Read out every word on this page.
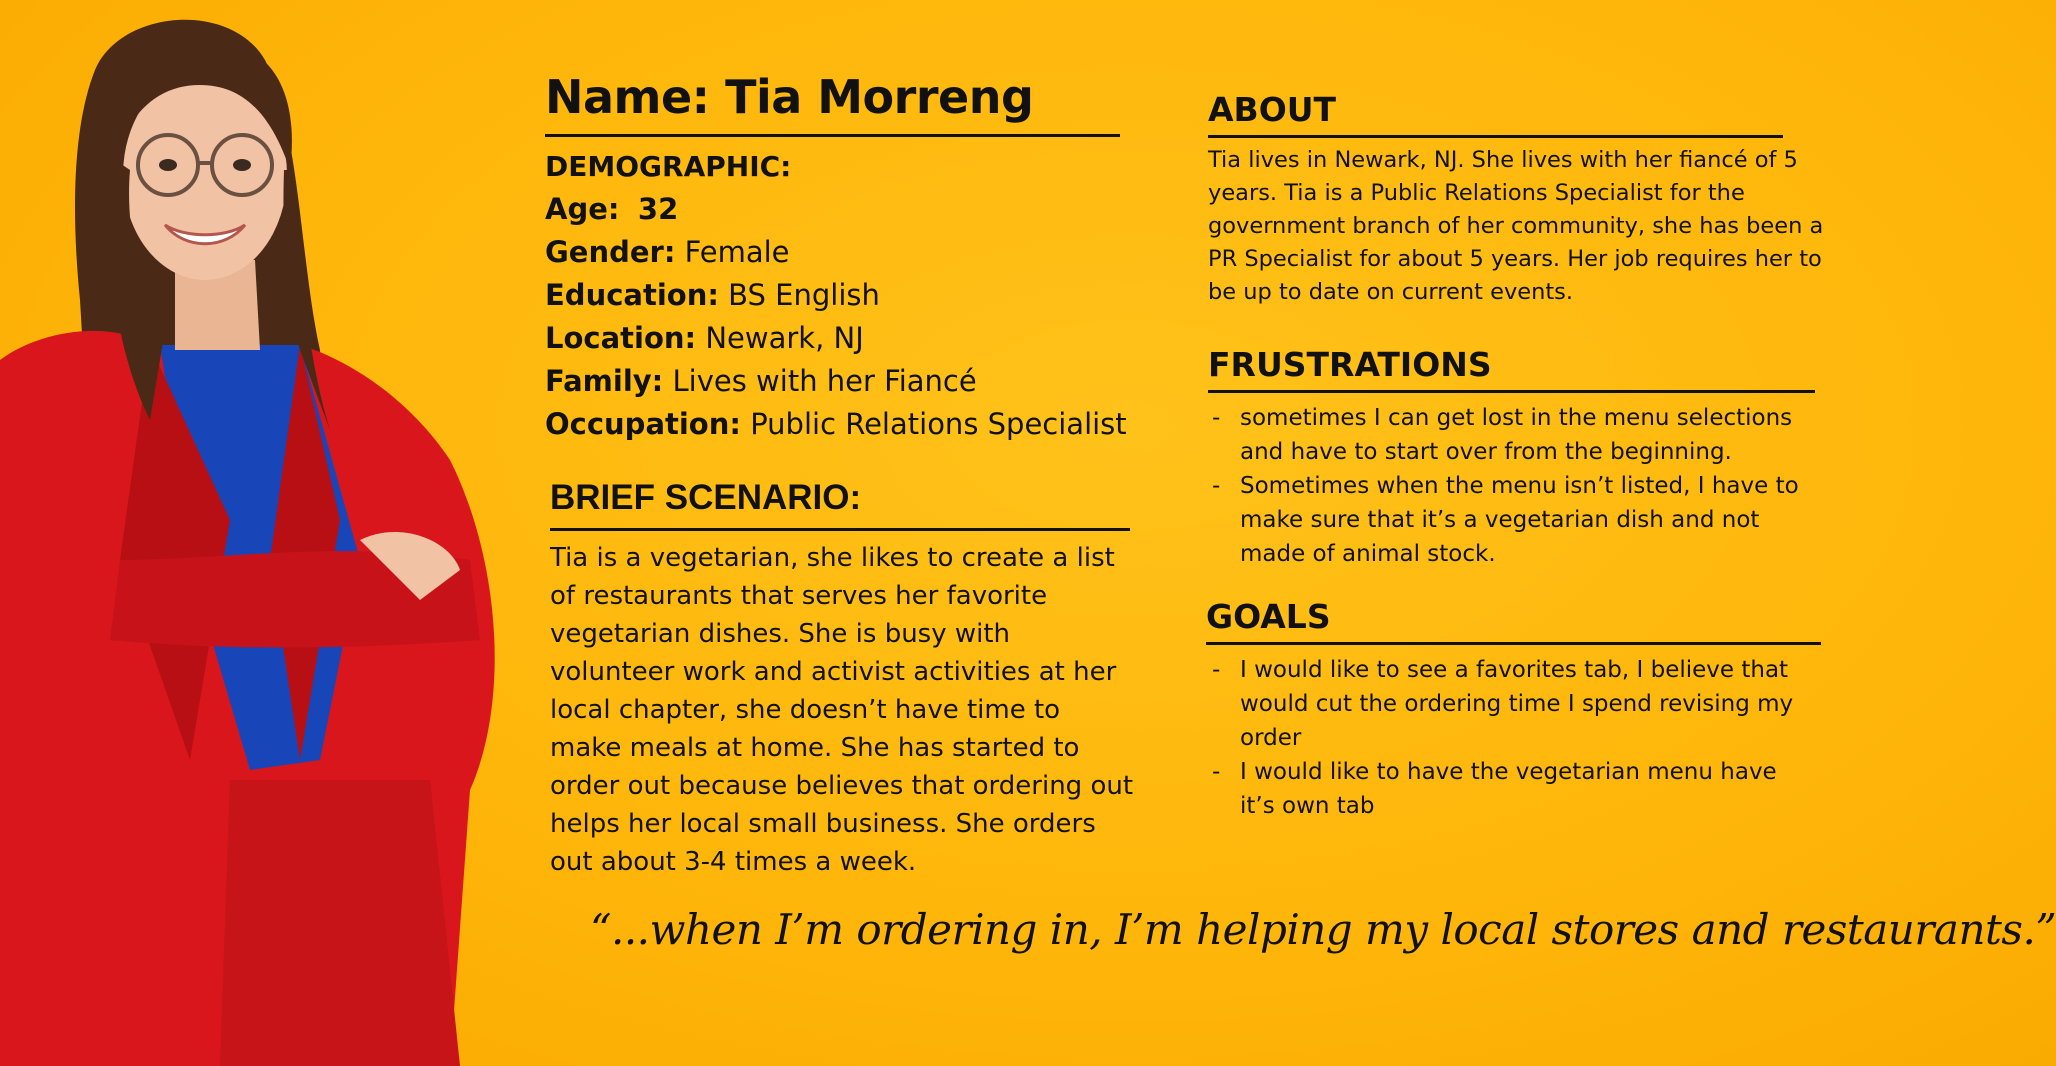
Name: Tia Morreng
DEMOGRAPHIC:
Age: 32
Gender: Female
Education: BS English
Location: Newark, NJ
Family: Lives with her Fiancé
Occupation: Public Relations Specialist
BRIEF SCENARIO:
Tia is a vegetarian, she likes to create a list of restaurants that serves her favorite vegetarian dishes. She is busy with volunteer work and activist activities at her local chapter, she doesn’t have time to make meals at home. She has started to order out because believes that ordering out helps her local small business. She orders out about 3-4 times a week.
ABOUT
Tia lives in Newark, NJ. She lives with her fiancé of 5 years. Tia is a Public Relations Specialist for the government branch of her community, she has been a PR Specialist for about 5 years. Her job requires her to be up to date on current events.
FRUSTRATIONS
- sometimes I can get lost in the menu selections and have to start over from the beginning.
- Sometimes when the menu isn’t listed, I have to make sure that it’s a vegetarian dish and not made of animal stock.
GOALS
- I would like to see a favorites tab, I believe that would cut the ordering time I spend revising my order
- I would like to have the vegetarian menu have it’s own tab
“...when I’m ordering in, I’m helping my local stores and restaurants.”
